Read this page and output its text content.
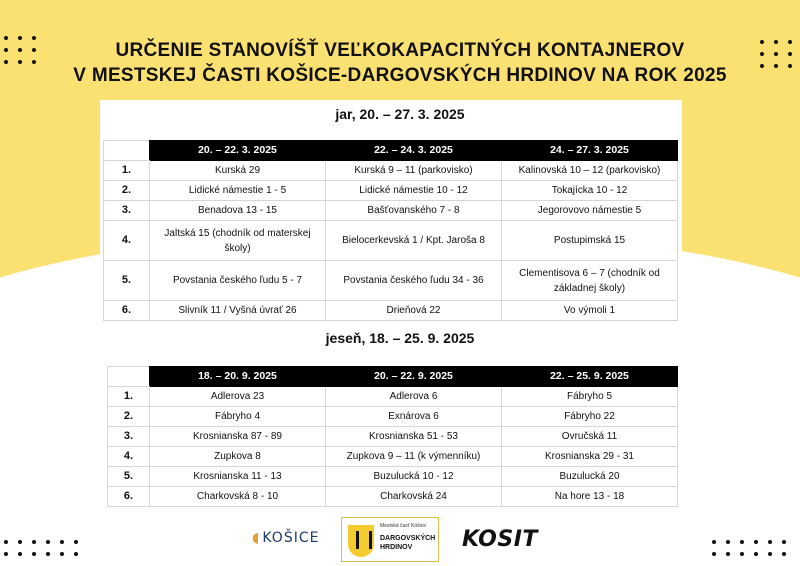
URČENIE STANOVÍŠŤ VEĽKOKAPACITNÝCH KONTAJNEROV
V MESTSKEJ ČASTI KOŠICE-DARGOVSKÝCH HRDINOV NA ROK 2025
jar, 20. – 27. 3. 2025
	20. – 22. 3. 2025	22. – 24. 3. 2025	24. – 27. 3. 2025
1.	Kurská 29	Kurská 9 – 11 (parkovisko)	Kalinovská 10 – 12 (parkovisko)
2.	Lidické námestie 1 - 5	Lidické námestie 10 - 12	Tokajícka 10 - 12
3.	Benadova 13 - 15	Bašťovanského 7 - 8	Jegorovovo námestie 5
4.	Jaltská 15 (chodník od materskej školy)	Bielocerkevská 1 / Kpt. Jaroša 8	Postupimská 15
5.	Povstania českého ľudu 5 - 7	Povstania českého ľudu 34 - 36	Clementisova 6 – 7 (chodník od základnej školy)
6.	Slivník 11 / Vyšná úvrať 26	Drieňová 22	Vo výmoli 1
jeseň, 18. – 25. 9. 2025
	18. – 20. 9. 2025	20. – 22. 9. 2025	22. – 25. 9. 2025
1.	Adlerova 23	Adlerova 6	Fábryho 5
2.	Fábryho 4	Exnárova 6	Fábryho 22
3.	Krosnianska 87 - 89	Krosnianska 51 - 53	Ovručská 11
4.	Zupkova 8	Zupkova 9 – 11 (k výmenníku)	Krosnianska 29 - 31
5.	Krosnianska 11 - 13	Buzulucká 10 - 12	Buzulucká 20
6.	Charkovská 8 - 10	Charkovská 24	Na hore 13 - 18
◖ KOŠICE
Mestská časť Košice
DARGOVSKÝCH
HRDINOV	KOSIT
